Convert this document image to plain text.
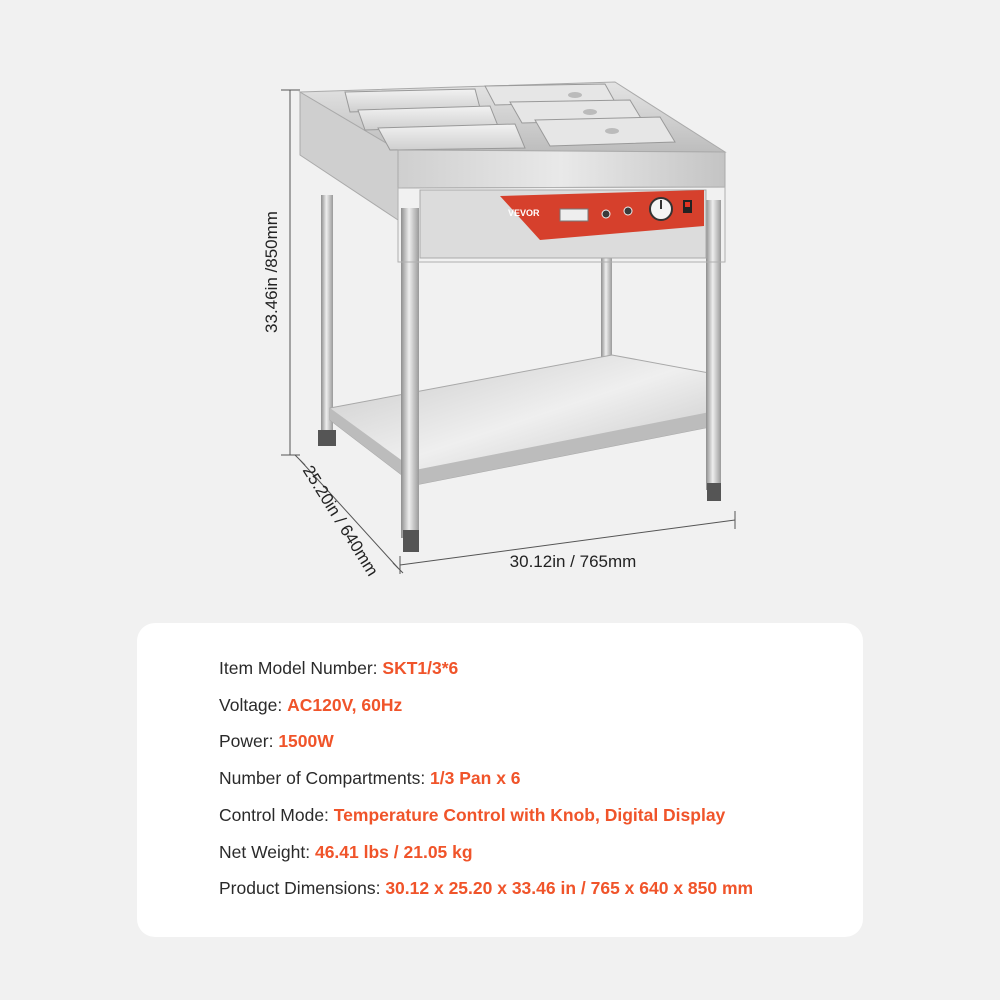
VEVOR
33.46in /850mm
25.20in / 640mm	30.12in / 765mm
Item Model Number: SKT1/3*6
Voltage: AC120V, 60Hz
Power: 1500W
Number of Compartments: 1/3 Pan x 6
Control Mode: Temperature Control with Knob, Digital Display
Net Weight: 46.41 lbs / 21.05 kg
Product Dimensions: 30.12 x 25.20 x 33.46 in / 765 x 640 x 850 mm
